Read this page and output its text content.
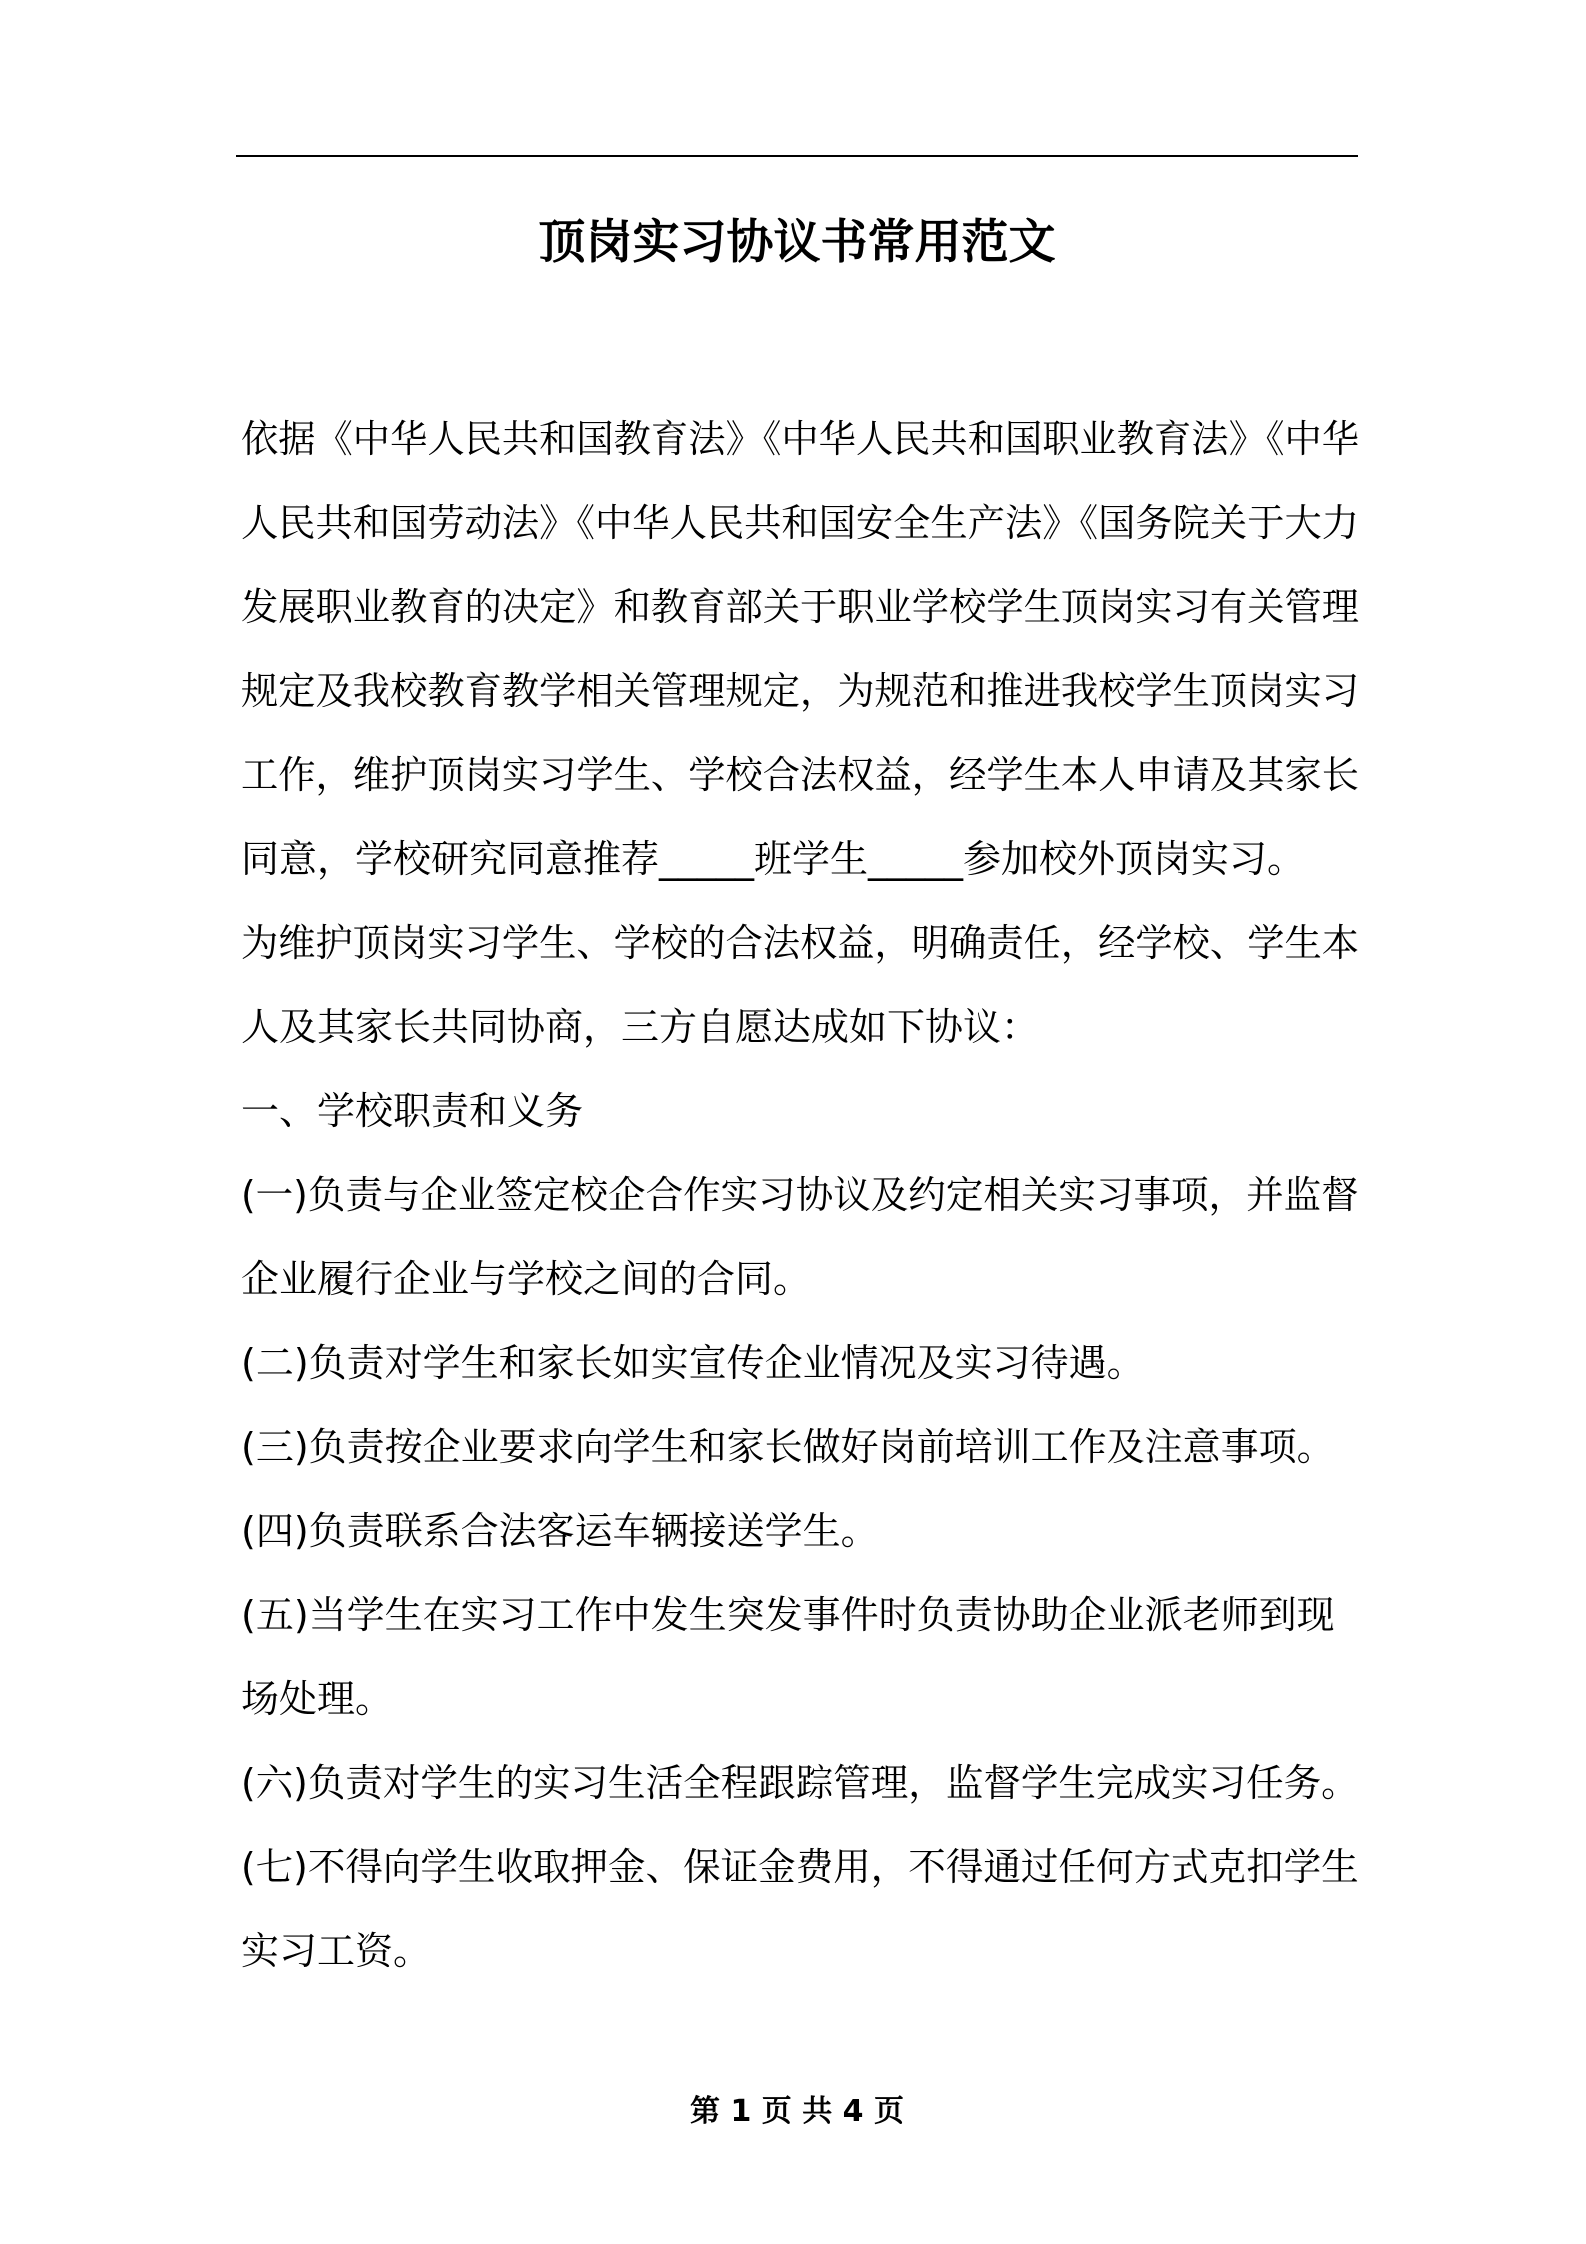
顶岗实习协议书常用范文

依据《中华人民共和国教育法》《中华人民共和国职业教育法》《中华
人民共和国劳动法》《中华人民共和国安全生产法》《国务院关于大力
发展职业教育的决定》和教育部关于职业学校学生顶岗实习有关管理
规定及我校教育教学相关管理规定，为规范和推进我校学生顶岗实习
工作，维护顶岗实习学生、学校合法权益，经学生本人申请及其家长
同意，学校研究同意推荐_____班学生_____参加校外顶岗实习。

为维护顶岗实习学生、学校的合法权益，明确责任，经学校、学生本
人及其家长共同协商，三方自愿达成如下协议：

一、学校职责和义务

(一)负责与企业签定校企合作实习协议及约定相关实习事项，并监督
企业履行企业与学校之间的合同。

(二)负责对学生和家长如实宣传企业情况及实习待遇。

(三)负责按企业要求向学生和家长做好岗前培训工作及注意事项。

(四)负责联系合法客运车辆接送学生。

(五)当学生在实习工作中发生突发事件时负责协助企业派老师到现
场处理。

(六)负责对学生的实习生活全程跟踪管理，监督学生完成实习任务。

(七)不得向学生收取押金、保证金费用，不得通过任何方式克扣学生
实习工资。

第 1 页 共 4 页
